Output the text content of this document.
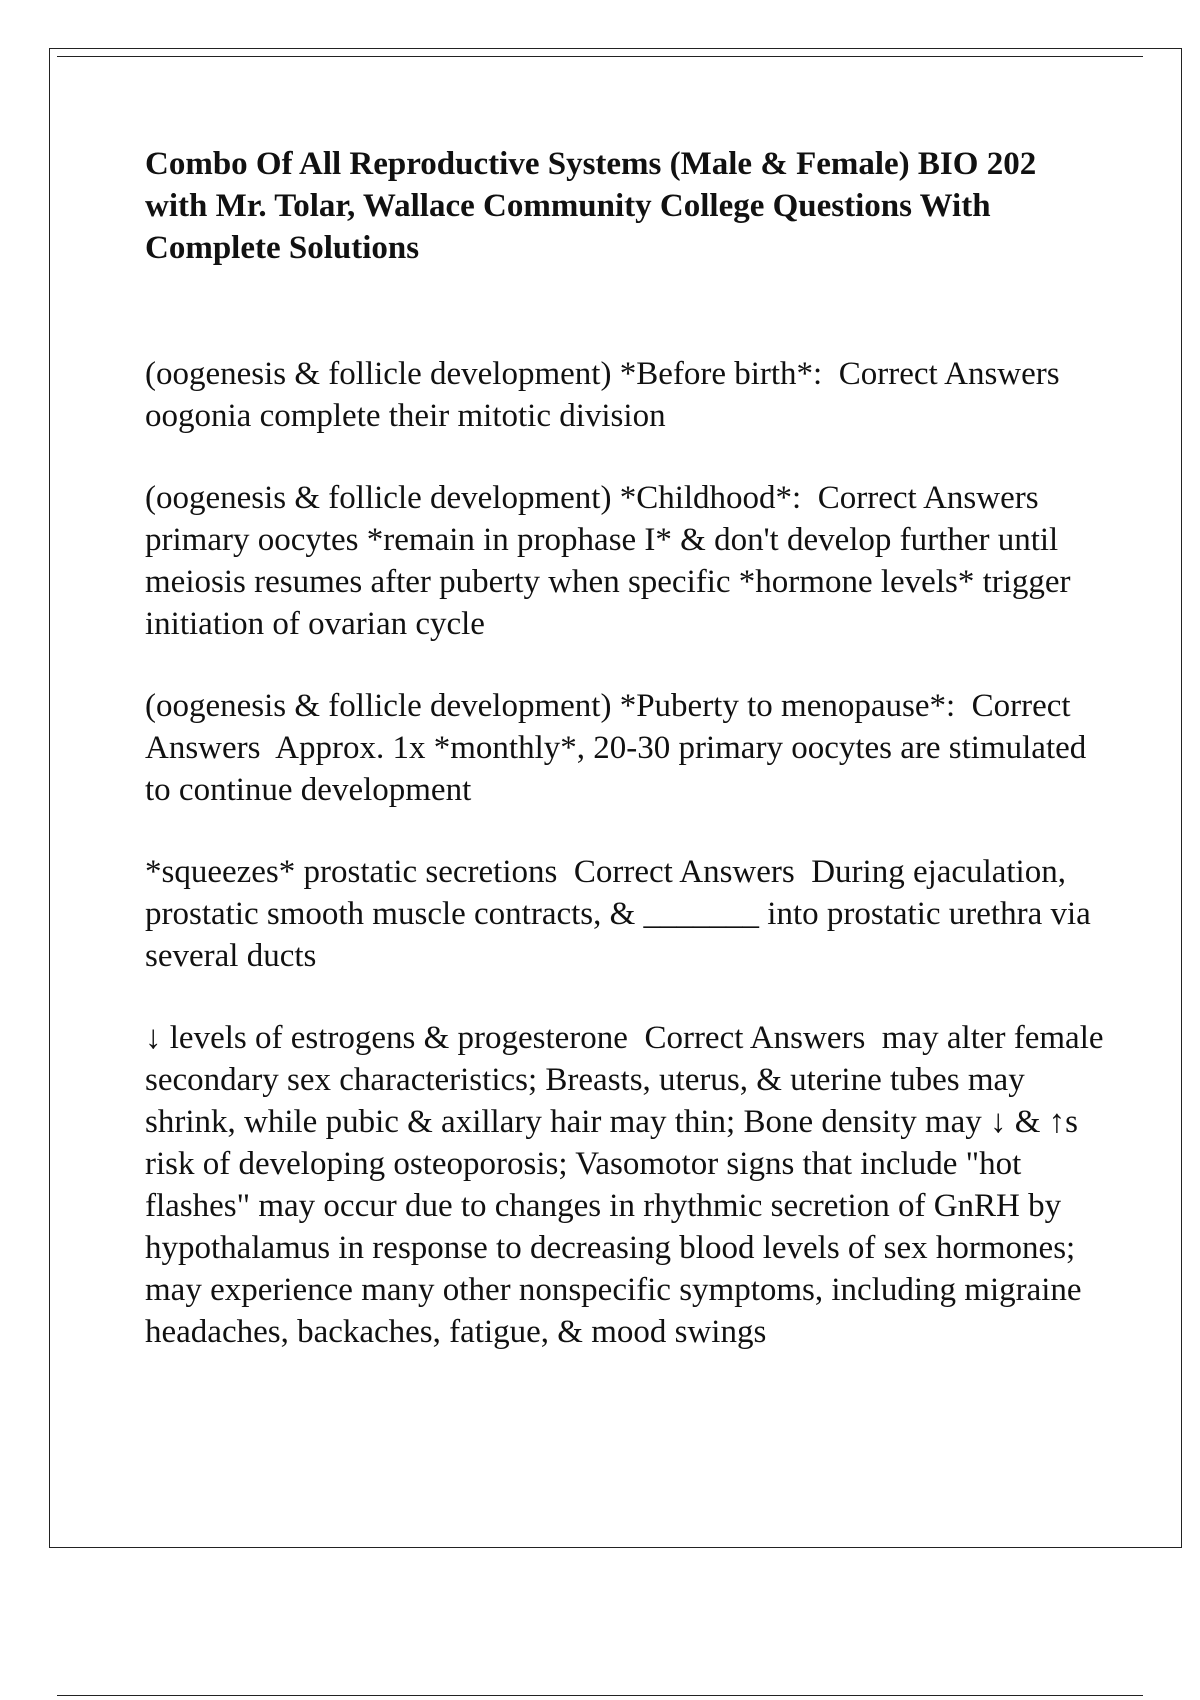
Combo Of All Reproductive Systems (Male & Female) BIO 202 with Mr. Tolar, Wallace Community College Questions With Complete Solutions

(oogenesis & follicle development) *Before birth*:  Correct Answers  oogonia complete their mitotic division

(oogenesis & follicle development) *Childhood*:  Correct Answers  primary oocytes *remain in prophase I* & don't develop further until meiosis resumes after puberty when specific *hormone levels* trigger initiation of ovarian cycle

(oogenesis & follicle development) *Puberty to menopause*:  Correct Answers  Approx. 1x *monthly*, 20-30 primary oocytes are stimulated to continue development

*squeezes* prostatic secretions  Correct Answers  During ejaculation, prostatic smooth muscle contracts, & _______ into prostatic urethra via several ducts

↓ levels of estrogens & progesterone  Correct Answers  may alter female secondary sex characteristics; Breasts, uterus, & uterine tubes may shrink, while pubic & axillary hair may thin; Bone density may ↓ & ↑s risk of developing osteoporosis; Vasomotor signs that include "hot flashes" may occur due to changes in rhythmic secretion of GnRH by hypothalamus in response to decreasing blood levels of sex hormones; may experience many other nonspecific symptoms, including migraine headaches, backaches, fatigue, & mood swings
